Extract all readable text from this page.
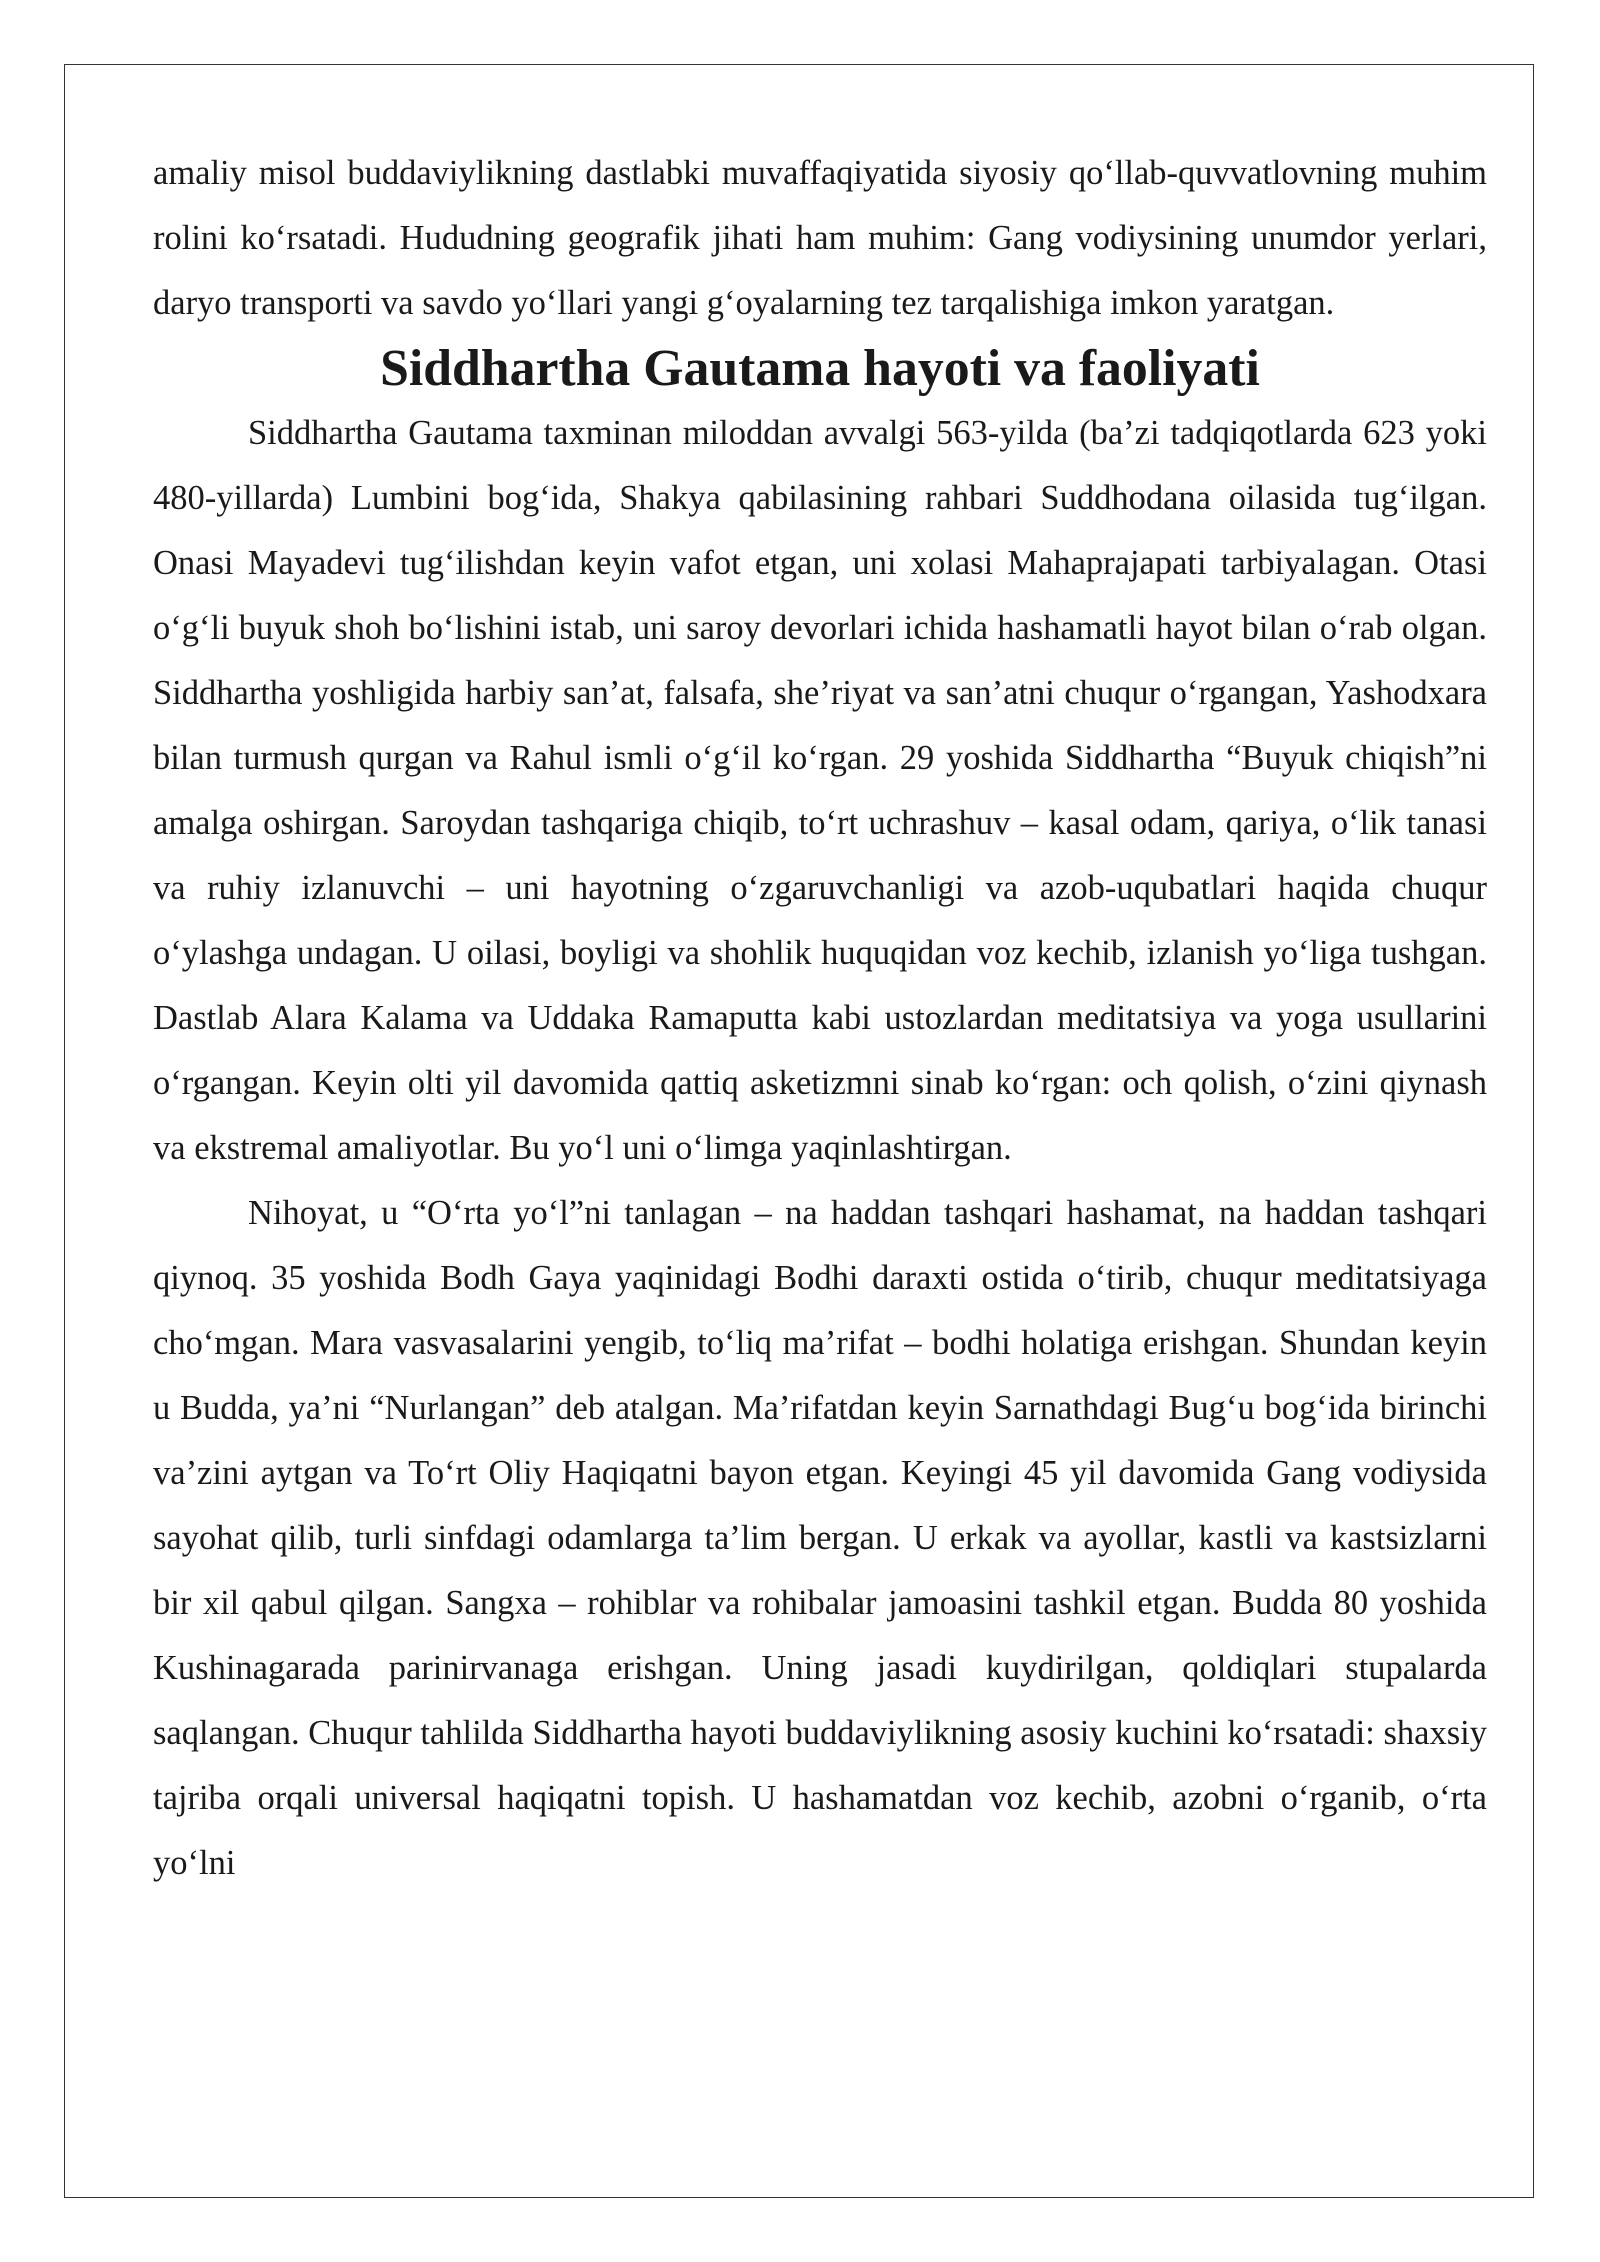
amaliy misol buddaviylikning dastlabki muvaffaqiyatida siyosiy qo‘llab-quvvatlovning muhim rolini ko‘rsatadi. Hududning geografik jihati ham muhim: Gang vodiysining unumdor yerlari, daryo transporti va savdo yo‘llari yangi g‘oyalarning tez tarqalishiga imkon yaratgan.

Siddhartha Gautama hayoti va faoliyati

Siddhartha Gautama taxminan miloddan avvalgi 563-yilda (ba’zi tadqiqotlarda 623 yoki 480-yillarda) Lumbini bog‘ida, Shakya qabilasining rahbari Suddhodana oilasida tug‘ilgan. Onasi Mayadevi tug‘ilishdan keyin vafot etgan, uni xolasi Mahaprajapati tarbiyalagan. Otasi o‘g‘li buyuk shoh bo‘lishini istab, uni saroy devorlari ichida hashamatli hayot bilan o‘rab olgan. Siddhartha yoshligida harbiy san’at, falsafa, she’riyat va san’atni chuqur o‘rgangan, Yashodxara bilan turmush qurgan va Rahul ismli o‘g‘il ko‘rgan. 29 yoshida Siddhartha “Buyuk chiqish”ni amalga oshirgan. Saroydan tashqariga chiqib, to‘rt uchrashuv – kasal odam, qariya, o‘lik tanasi va ruhiy izlanuvchi – uni hayotning o‘zgaruvchanligi va azob-uqubatlari haqida chuqur o‘ylashga undagan. U oilasi, boyligi va shohlik huquqidan voz kechib, izlanish yo‘liga tushgan. Dastlab Alara Kalama va Uddaka Ramaputta kabi ustozlardan meditatsiya va yoga usullarini o‘rgangan. Keyin olti yil davomida qattiq asketizmni sinab ko‘rgan: och qolish, o‘zini qiynash va ekstremal amaliyotlar. Bu yo‘l uni o‘limga yaqinlashtirgan.

Nihoyat, u “O‘rta yo‘l”ni tanlagan – na haddan tashqari hashamat, na haddan tashqari qiynoq. 35 yoshida Bodh Gaya yaqinidagi Bodhi daraxti ostida o‘tirib, chuqur meditatsiyaga cho‘mgan. Mara vasvasalarini yengib, to‘liq ma’rifat – bodhi holatiga erishgan. Shundan keyin u Budda, ya’ni “Nurlangan” deb atalgan. Ma’rifatdan keyin Sarnathdagi Bug‘u bog‘ida birinchi va’zini aytgan va To‘rt Oliy Haqiqatni bayon etgan. Keyingi 45 yil davomida Gang vodiysida sayohat qilib, turli sinfdagi odamlarga ta’lim bergan. U erkak va ayollar, kastli va kastsizlarni bir xil qabul qilgan. Sangxa – rohiblar va rohibalar jamoasini tashkil etgan. Budda 80 yoshida Kushinagarada parinirvanaga erishgan. Uning jasadi kuydirilgan, qoldiqlari stupalarda saqlangan. Chuqur tahlilda Siddhartha hayoti buddaviylikning asosiy kuchini ko‘rsatadi: shaxsiy tajriba orqali universal haqiqatni topish. U hashamatdan voz kechib, azobni o‘rganib, o‘rta yo‘lni
